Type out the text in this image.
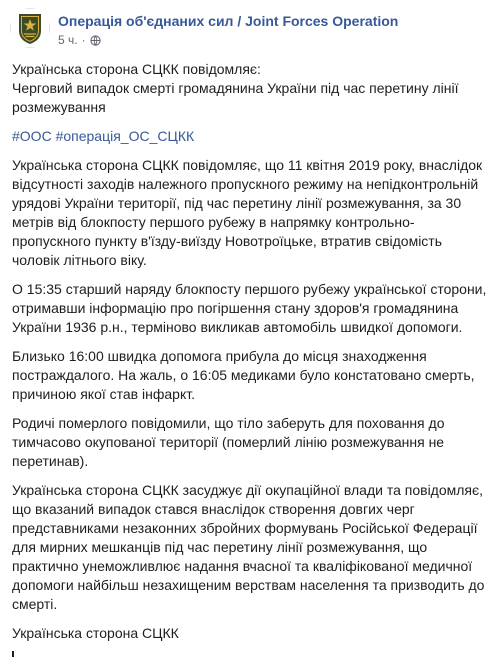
Операція об'єднаних сил / Joint Forces Operation
5 ч. ·

Українська сторона СЦКК повідомляє:
Черговий випадок смерті громадянина України під час перетину лінії розмежування

#ООС #операція_ОС_СЦКК

Українська сторона СЦКК повідомляє, що 11 квітня 2019 року, внаслідок відсутності заходів належного пропускного режиму на непідконтрольній урядові України території, під час перетину лінії розмежування, за 30 метрів від блокпосту першого рубежу в напрямку контрольно-пропускного пункту в'їзду-виїзду Новотроїцьке, втратив свідомість чоловік літнього віку.

О 15:35 старший наряду блокпосту першого рубежу української сторони, отримавши інформацію про погіршення стану здоров'я громадянина України 1936 р.н., терміново викликав автомобіль швидкої допомоги.

Близько 16:00 швидка допомога прибула до місця знаходження постраждалого. На жаль, о 16:05 медиками було констатовано смерть, причиною якої став інфаркт.

Родичі померлого повідомили, що тіло заберуть для поховання до тимчасово окупованої території (померлий лінію розмежування не перетинав).

Українська сторона СЦКК засуджує дії окупаційної влади та повідомляє, що вказаний випадок стався внаслідок створення довгих черг представниками незаконних збройних формувань Російської Федерації для мирних мешканців під час перетину лінії розмежування, що практично унеможливлює надання вчасної та кваліфікованої медичної допомоги найбільш незахищеним верствам населення та призводить до смерті.

Українська сторона СЦКК
